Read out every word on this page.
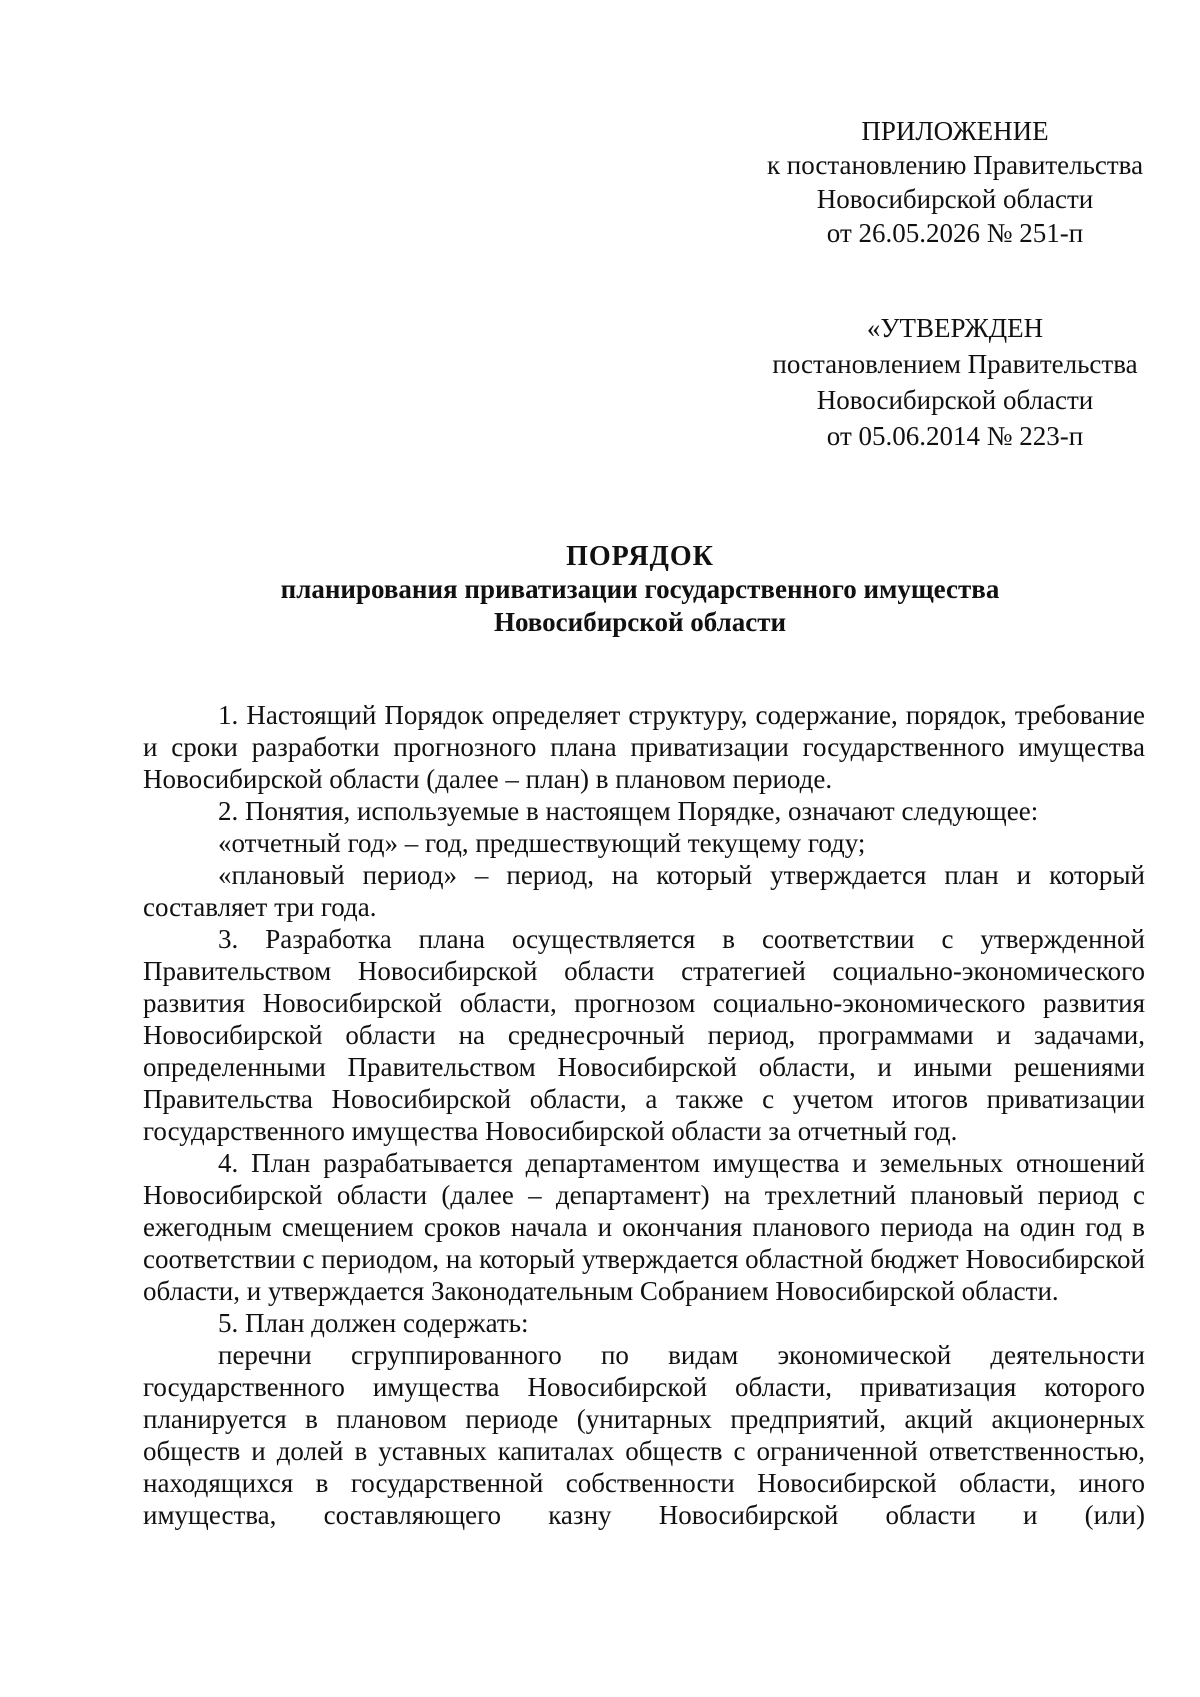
ПРИЛОЖЕНИЕ
к постановлению Правительства
Новосибирской области
от 26.05.2026 № 251-п
«УТВЕРЖДЕН
постановлением Правительства
Новосибирской области
от 05.06.2014 № 223-п
ПОРЯДОК
планирования приватизации государственного имущества
Новосибирской области

1. Настоящий Порядок определяет структуру, содержание, порядок, требование и сроки разработки прогнозного плана приватизации государственного имущества Новосибирской области (далее – план) в плановом периоде.

2. Понятия, используемые в настоящем Порядке, означают следующее:

«отчетный год» – год, предшествующий текущему году;

«плановый период» – период, на который утверждается план и который составляет три года.

3. Разработка плана осуществляется в соответствии с утвержденной Правительством Новосибирской области стратегией социально-экономического развития Новосибирской области, прогнозом социально-экономического развития Новосибирской области на среднесрочный период, программами и задачами, определенными Правительством Новосибирской области, и иными решениями Правительства Новосибирской области, а также с учетом итогов приватизации государственного имущества Новосибирской области за отчетный год.

4. План разрабатывается департаментом имущества и земельных отношений Новосибирской области (далее – департамент) на трехлетний плановый период с ежегодным смещением сроков начала и окончания планового периода на один год в соответствии с периодом, на который утверждается областной бюджет Новосибирской области, и утверждается Законодательным Собранием Новосибирской области.

5. План должен содержать:

перечни сгруппированного по видам экономической деятельности государственного имущества Новосибирской области, приватизация которого планируется в плановом периоде (унитарных предприятий, акций акционерных обществ и долей в уставных капиталах обществ с ограниченной ответственностью, находящихся в государственной собственности Новосибирской области, иного имущества, составляющего казну Новосибирской области и (или)
